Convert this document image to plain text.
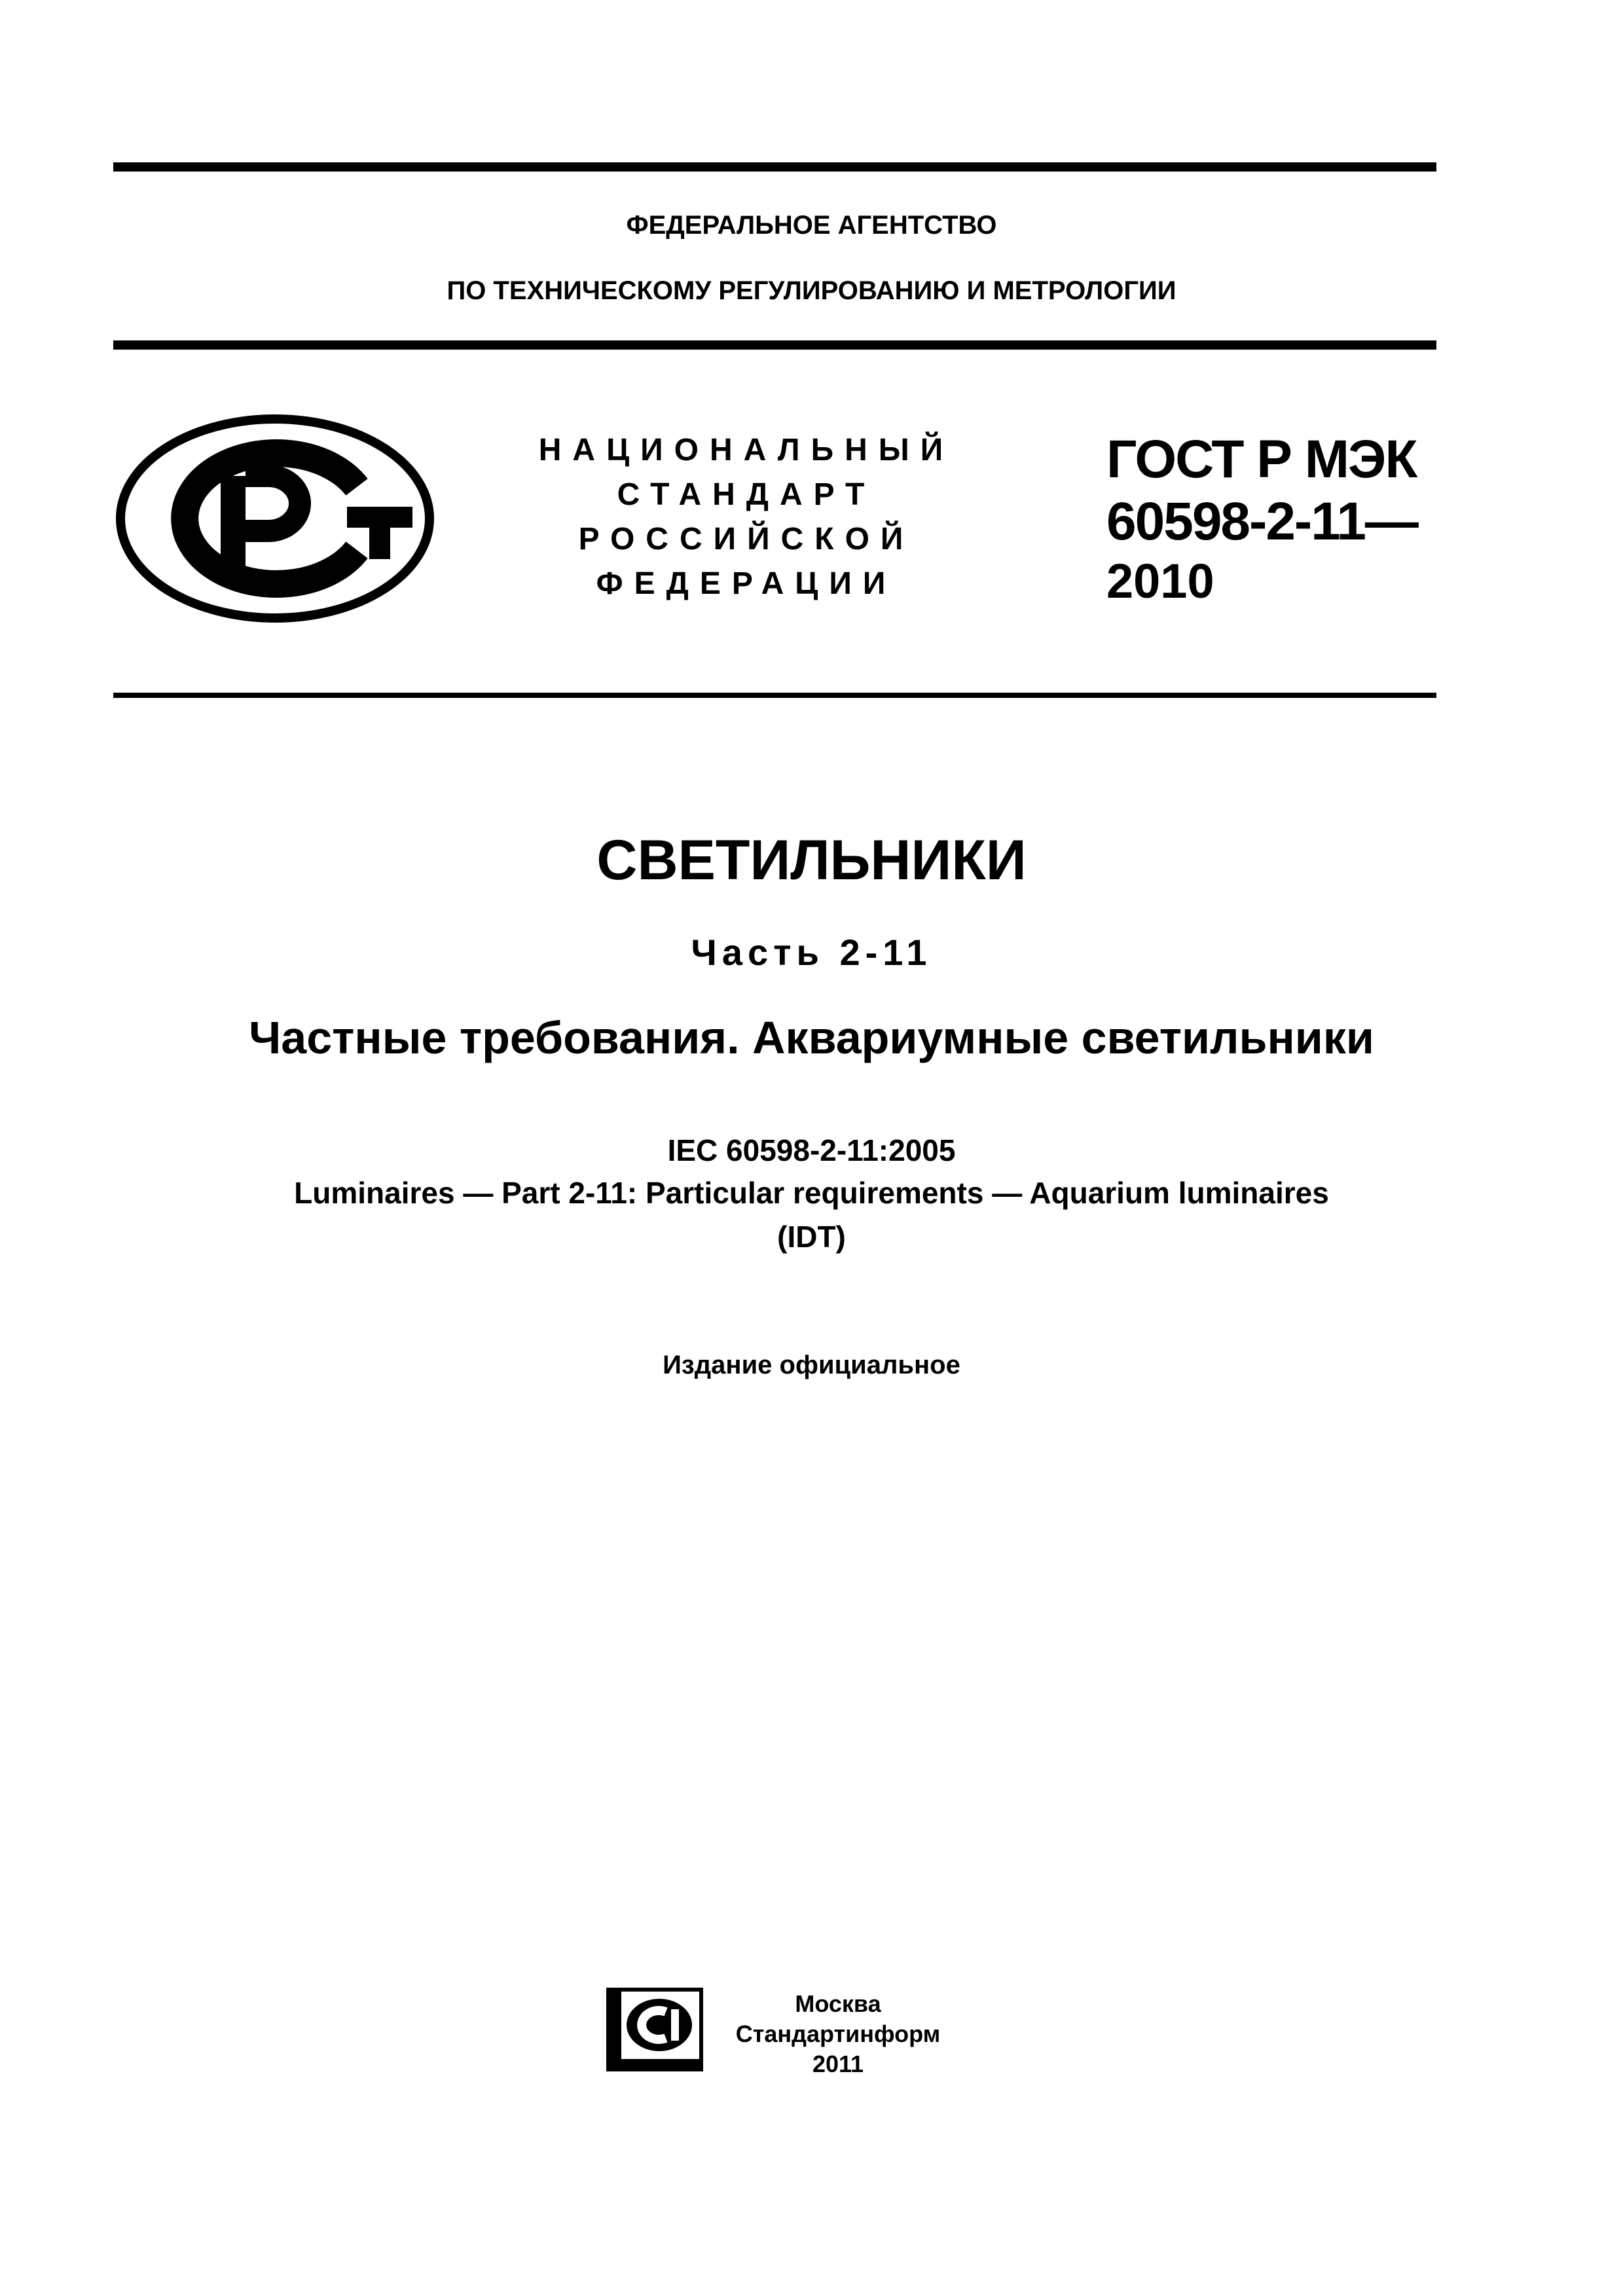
ФЕДЕРАЛЬНОЕ АГЕНТСТВО
ПО ТЕХНИЧЕСКОМУ РЕГУЛИРОВАНИЮ И МЕТРОЛОГИИ
РСТ
НАЦИОНАЛЬНЫЙ
СТАНДАРТ
РОССИЙСКОЙ
ФЕДЕРАЦИИ
ГОСТ Р МЭК
60598-2-11—
2010
СВЕТИЛЬНИКИ
Часть 2-11
Частные требования. Аквариумные светильники
IEC 60598-2-11:2005
Luminaires — Part 2-11: Particular requirements — Aquarium luminaires
(IDT)
Издание официальное
СИ
Москва
Стандартинформ
2011
